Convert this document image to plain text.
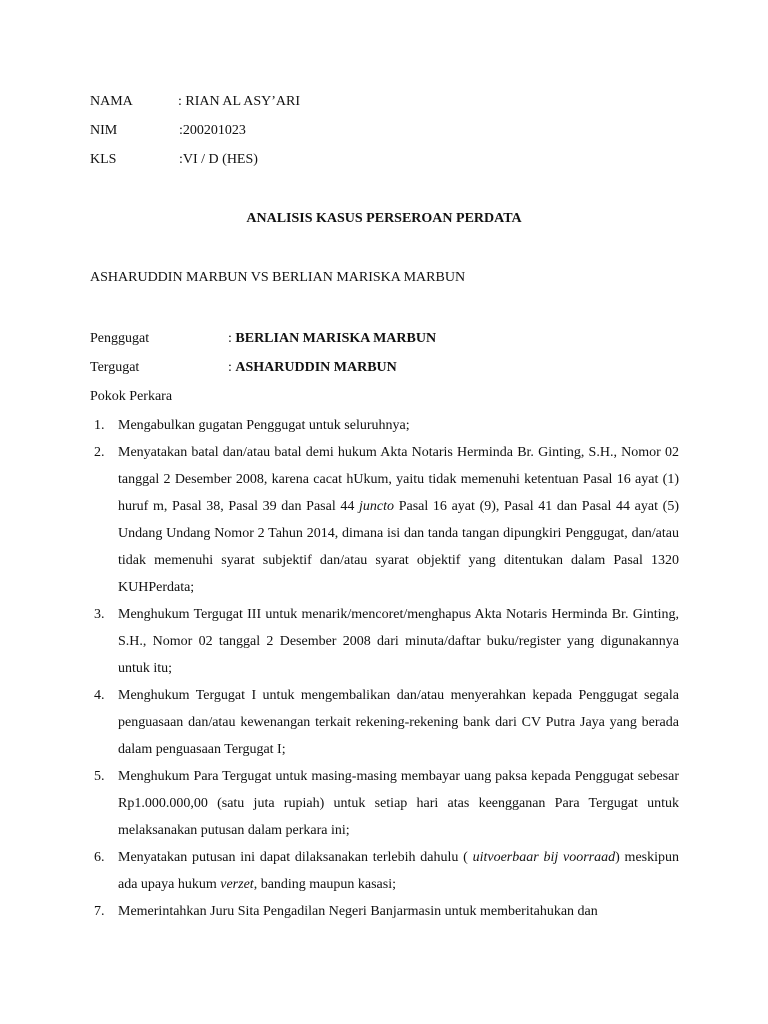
NAMA	: RIAN AL ASY’ARI
NIM	:200201023
KLS	:VI / D (HES)
ANALISIS KASUS PERSEROAN PERDATA
ASHARUDDIN MARBUN VS BERLIAN MARISKA MARBUN
Penggugat	: BERLIAN MARISKA MARBUN
Tergugat	: ASHARUDDIN MARBUN
Pokok Perkara
1. Mengabulkan gugatan Penggugat untuk seluruhnya;
2. Menyatakan batal dan/atau batal demi hukum Akta Notaris Herminda Br. Ginting, S.H., Nomor 02 tanggal 2 Desember 2008, karena cacat hUkum, yaitu tidak memenuhi ketentuan Pasal 16 ayat (1) huruf m, Pasal 38, Pasal 39 dan Pasal 44 juncto Pasal 16 ayat (9), Pasal 41 dan Pasal 44 ayat (5) Undang Undang Nomor 2 Tahun 2014, dimana isi dan tanda tangan dipungkiri Penggugat, dan/atau tidak memenuhi syarat subjektif dan/atau syarat objektif yang ditentukan dalam Pasal 1320 KUHPerdata;
3. Menghukum Tergugat III untuk menarik/mencoret/menghapus Akta Notaris Herminda Br. Ginting, S.H., Nomor 02 tanggal 2 Desember 2008 dari minuta/daftar buku/register yang digunakannya untuk itu;
4. Menghukum Tergugat I untuk mengembalikan dan/atau menyerahkan kepada Penggugat segala penguasaan dan/atau kewenangan terkait rekening-rekening bank dari CV Putra Jaya yang berada dalam penguasaan Tergugat I;
5. Menghukum Para Tergugat untuk masing-masing membayar uang paksa kepada Penggugat sebesar Rp1.000.000,00 (satu juta rupiah) untuk setiap hari atas keengganan Para Tergugat untuk melaksanakan putusan dalam perkara ini;
6. Menyatakan putusan ini dapat dilaksanakan terlebih dahulu ( uitvoerbaar bij voorraad) meskipun ada upaya hukum verzet, banding maupun kasasi;
7. Memerintahkan Juru Sita Pengadilan Negeri Banjarmasin untuk memberitahukan dan
